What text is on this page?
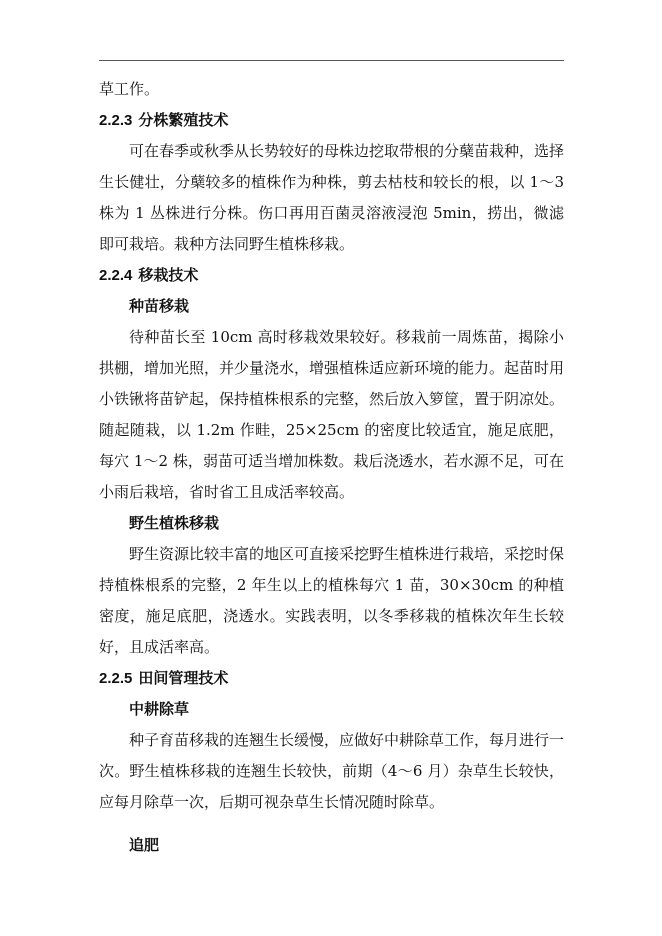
草工作。

2.2.3 分株繁殖技术

可在春季或秋季从长势较好的母株边挖取带根的分蘖苗栽种，选择生长健壮，分蘖较多的植株作为种株，剪去枯枝和较长的根，以 1～3 株为 1 丛株进行分株。伤口再用百菌灵溶液浸泡 5min，捞出，微滤即可栽培。栽种方法同野生植株移栽。

2.2.4 移栽技术
种苗移栽

待种苗长至 10cm 高时移栽效果较好。移栽前一周炼苗，揭除小拱棚，增加光照，并少量浇水，增强植株适应新环境的能力。起苗时用小铁锹将苗铲起，保持植株根系的完整，然后放入箩筐，置于阴凉处。随起随栽，以 1.2m 作畦，25×25cm 的密度比较适宜，施足底肥，每穴 1～2 株，弱苗可适当增加株数。栽后浇透水，若水源不足，可在小雨后栽培，省时省工且成活率较高。

野生植株移栽

野生资源比较丰富的地区可直接采挖野生植株进行栽培，采挖时保持植株根系的完整，2 年生以上的植株每穴 1 苗，30×30cm 的种植密度，施足底肥，浇透水。实践表明，以冬季移栽的植株次年生长较好，且成活率高。

2.2.5 田间管理技术
中耕除草

种子育苗移栽的连翘生长缓慢，应做好中耕除草工作，每月进行一次。野生植株移栽的连翘生长较快，前期（4～6 月）杂草生长较快，应每月除草一次，后期可视杂草生长情况随时除草。

追肥
